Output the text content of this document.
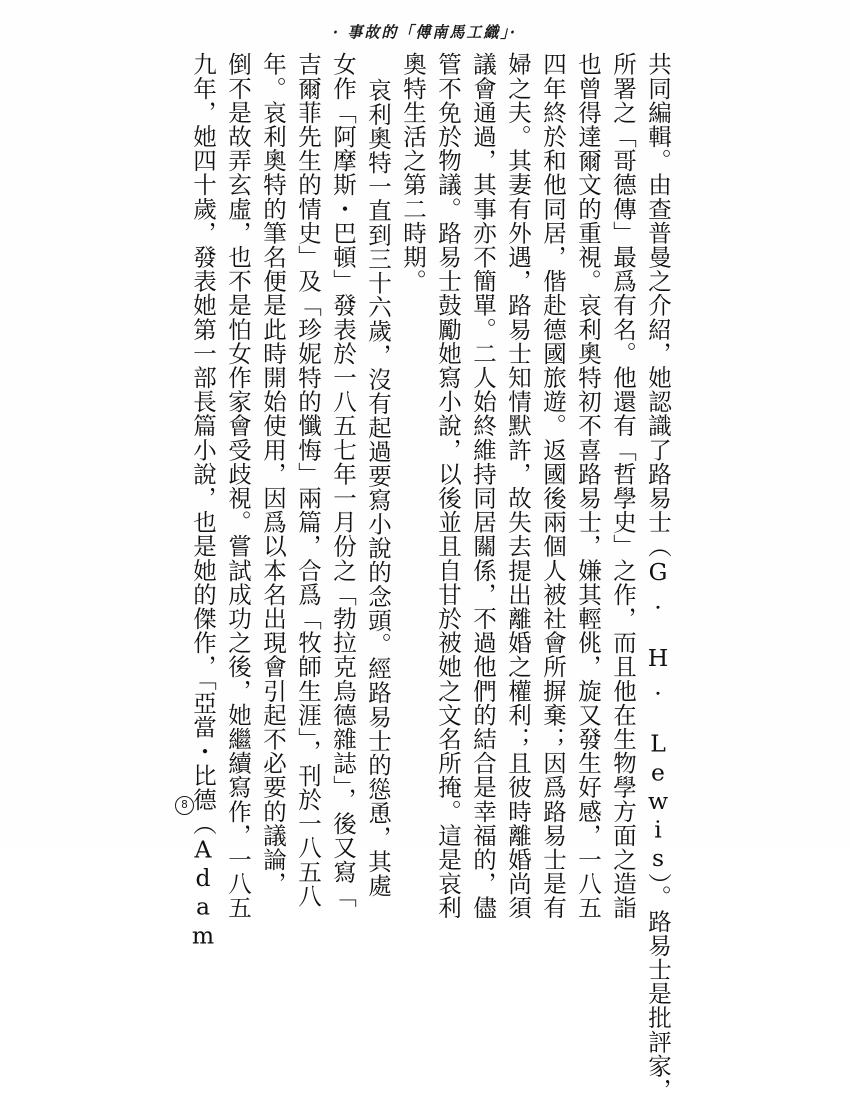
· 事故的「傅南馬工織」·
共同編輯。由查普曼之介紹，她認識了路易士（G. H. Lewis）。路易士是批評家，
所署之「哥德傳」最爲有名。他還有「哲學史」之作，而且他在生物學方面之造詣
也曾得達爾文的重視。哀利奧特初不喜路易士，嫌其輕佻，旋又發生好感，一八五
四年終於和他同居，偕赴德國旅遊。返國後兩個人被社會所摒棄；因爲路易士是有
婦之夫。其妻有外遇，路易士知情默許，故失去提出離婚之權利；且彼時離婚尚須
議會通過，其事亦不簡單。二人始終維持同居關係，不過他們的結合是幸福的，儘
管不免於物議。路易士鼓勵她寫小說，以後並且自甘於被她之文名所掩。這是哀利
奧特生活之第二時期。
哀利奧特一直到三十六歲，沒有起過要寫小說的念頭。經路易士的慫恿，其處
女作「阿摩斯・巴頓」發表於一八五七年一月份之「勃拉克烏德雜誌」，後又寫「
吉爾菲先生的情史」及「珍妮特的懺悔」兩篇，合爲「牧師生涯」，刊於一八五八
年。哀利奧特的筆名便是此時開始使用，因爲以本名出現會引起不必要的議論，
倒不是故弄玄虛，也不是怕女作家會受歧視。嘗試成功之後，她繼續寫作，一八五
九年，她四十歲，發表她第一部長篇小說，也是她的傑作，「亞當・比德（Adam
8
